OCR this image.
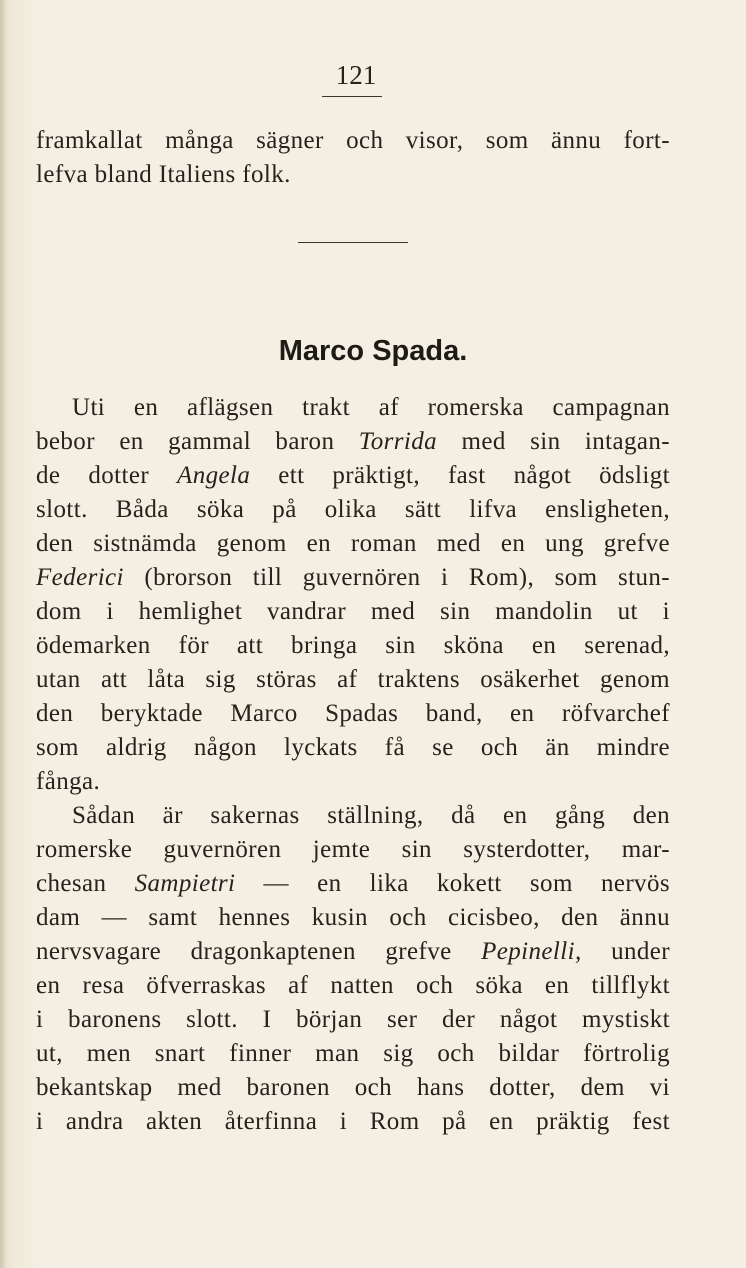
121
framkallat många sägner och visor, som ännu fort-
lefva bland Italiens folk.
Marco Spada.
Uti en aflägsen trakt af romerska campagnan
bebor en gammal baron Torrida med sin intagan-
de dotter Angela ett präktigt, fast något ödsligt
slott. Båda söka på olika sätt lifva ensligheten,
den sistnämda genom en roman med en ung grefve
Federici (brorson till guvernören i Rom), som stun-
dom i hemlighet vandrar med sin mandolin ut i
ödemarken för att bringa sin sköna en serenad,
utan att låta sig störas af traktens osäkerhet genom
den beryktade Marco Spadas band, en röfvarchef
som aldrig någon lyckats få se och än mindre
fånga.
Sådan är sakernas ställning, då en gång den
romerske guvernören jemte sin systerdotter, mar-
chesan Sampietri — en lika kokett som nervös
dam — samt hennes kusin och cicisbeo, den ännu
nervsvagare dragonkaptenen grefve Pepinelli, under
en resa öfverraskas af natten och söka en tillflykt
i baronens slott. I början ser der något mystiskt
ut, men snart finner man sig och bildar förtrolig
bekantskap med baronen och hans dotter, dem vi
i andra akten återfinna i Rom på en präktig fest
